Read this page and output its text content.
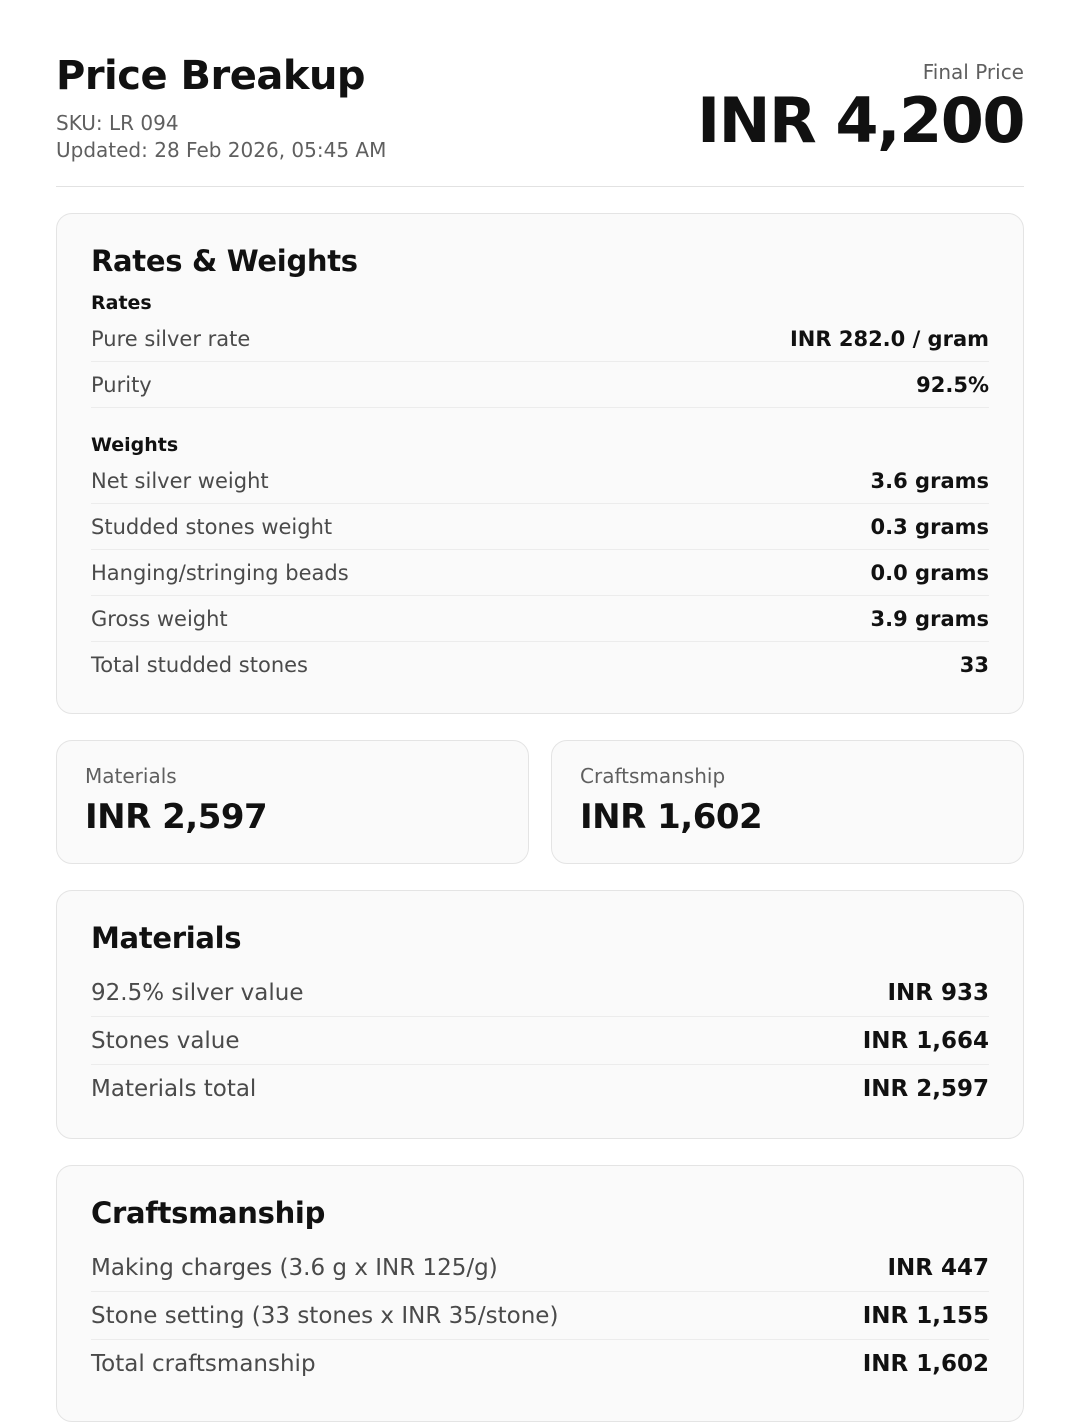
Price Breakup
SKU: LR 094
Updated: 28 Feb 2026, 05:45 AM
Final Price
INR 4,200
Rates & Weights
Rates
Pure silver rate	INR 282.0 / gram
Purity	92.5%
Weights
Net silver weight	3.6 grams
Studded stones weight	0.3 grams
Hanging/stringing beads	0.0 grams
Gross weight	3.9 grams
Total studded stones	33
Materials
INR 2,597
Craftsmanship
INR 1,602
Materials
92.5% silver value	INR 933
Stones value	INR 1,664
Materials total	INR 2,597
Craftsmanship
Making charges (3.6 g x INR 125/g)	INR 447
Stone setting (33 stones x INR 35/stone)	INR 1,155
Total craftsmanship	INR 1,602
